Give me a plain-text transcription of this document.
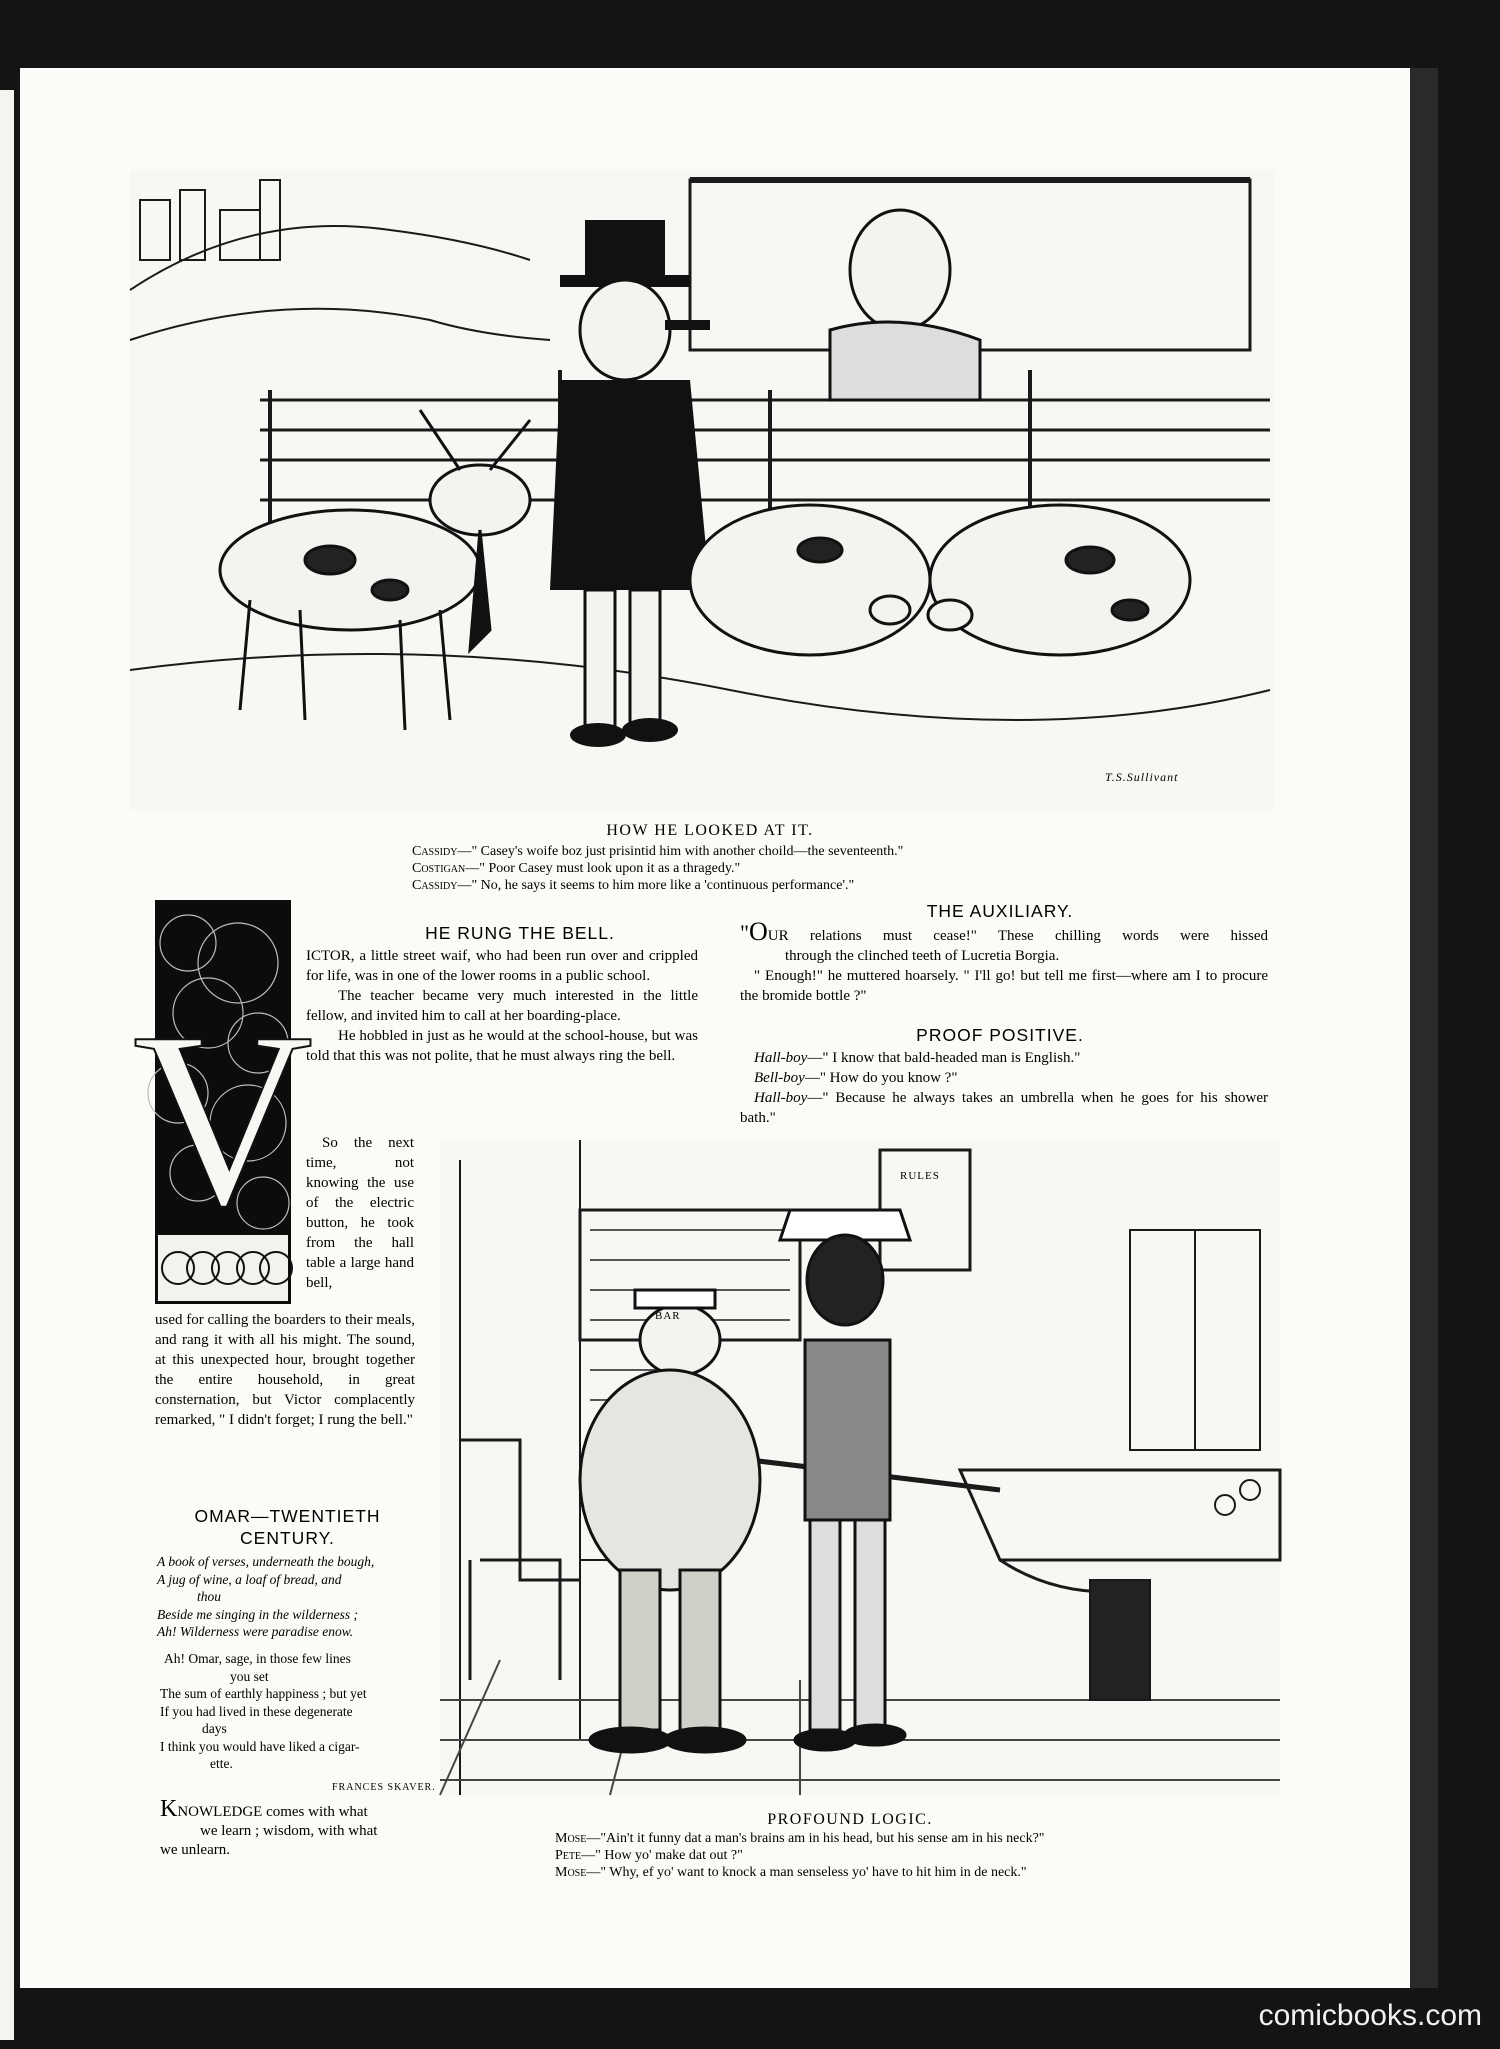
T.S.Sullivant
HOW HE LOOKED AT IT.
Cassidy—" Casey's woife boz just prisintid him with another choild—the seventeenth."
Costigan—" Poor Casey must look upon it as a thragedy."
Cassidy—" No, he says it seems to him more like a 'continuous performance'."
V
HE RUNG THE BELL.

ICTOR, a little street waif, who had been run over and crippled for life, was in one of the lower rooms in a public school.

The teacher became very much interested in the little fellow, and invited him to call at her boarding-place.

He hobbled in just as he would at the school-house, but was told that this was not polite, that he must always ring the bell.

So the next time, not knowing the use of the electric button, he took from the hall table a large hand bell,

used for calling the boarders to their meals, and rang it with all his might. The sound, at this unexpected hour, brought together the entire household, in great consternation, but Victor complacently remarked, " I didn't forget; I rung the bell."

OMAR—TWENTIETH
CENTURY.
A book of verses, underneath the bough,
A jug of wine, a loaf of bread, and
thou
Beside me singing in the wilderness ;
Ah! Wilderness were paradise enow.
Ah! Omar, sage, in those few lines
you set
The sum of earthly happiness ; but yet
If you had lived in these degenerate
days
I think you would have liked a cigar-
ette.
FRANCES SKAVER.
KNOWLEDGE comes with what
we learn ; wisdom, with what
we unlearn.
THE AUXILIARY.
"OUR relations must cease!" These chilling words were hissed
through the clinched teeth of Lucretia Borgia.

" Enough!" he muttered hoarsely. " I'll go! but tell me first—where am I to procure the bromide bottle ?"

PROOF POSITIVE.
Hall-boy—" I know that bald-headed man is English."
Bell-boy—" How do you know ?"
Hall-boy—" Because he always takes an umbrella when he goes for his shower bath."
RULES
BAR
PROFOUND LOGIC.
Mose—"Ain't it funny dat a man's brains am in his head, but his sense am in his neck?"
Pete—" How yo' make dat out ?"
Mose—" Why, ef yo' want to knock a man senseless yo' have to hit him in de neck."
comicbooks.com
